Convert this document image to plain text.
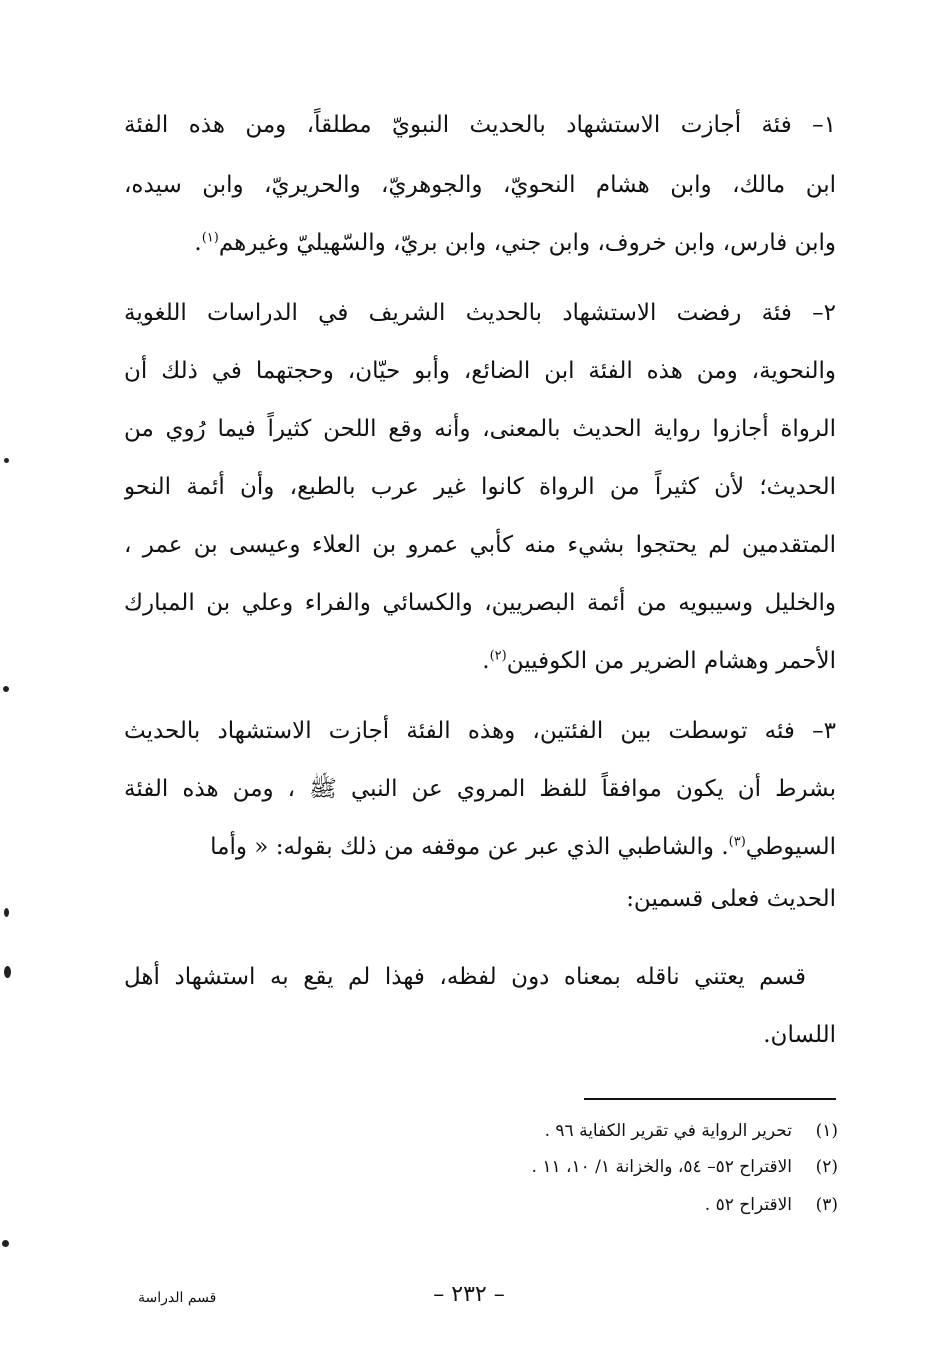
١– فئة أجازت الاستشهاد بالحديث النبويّ مطلقاً، ومن هذه الفئة
ابن مالك، وابن هشام النحويّ، والجوهريّ، والحريريّ، وابن سيده،
وابن فارس، وابن خروف، وابن جني، وابن بريّ، والسّهيليّ وغيرهم$^{(١)}$.
٢– فئة رفضت الاستشهاد بالحديث الشريف في الدراسات اللغوية
والنحوية، ومن هذه الفئة ابن الضائع، وأبو حيّان، وحجتهما في ذلك أن
الرواة أجازوا رواية الحديث بالمعنى، وأنه وقع اللحن كثيراً فيما رُوي من
الحديث؛ لأن كثيراً من الرواة كانوا غير عرب بالطبع، وأن أئمة النحو
المتقدمين لم يحتجوا بشيء منه كأبي عمرو بن العلاء وعيسى بن عمر ،
والخليل وسيبويه من أئمة البصريين، والكسائي والفراء وعلي بن المبارك
الأحمر وهشام الضرير من الكوفيين$^{(٢)}$.
٣– فئه توسطت بين الفئتين، وهذه الفئة أجازت الاستشهاد بالحديث
بشرط أن يكون موافقاً للفظ المروي عن النبي ﷺ ، ومن هذه الفئة
السيوطي$^{(٣)}$. والشاطبي الذي عبر عن موقفه من ذلك بقوله: « وأما
الحديث فعلى قسمين:
قسم يعتني ناقله بمعناه دون لفظه، فهذا لم يقع به استشهاد أهل
اللسان.
(١)تحرير الرواية في تقرير الكفاية ٩٦ .
(٢)الاقتراح ٥٢– ٥٤، والخزانة ١/ ١٠، ١١ .
(٣)الاقتراح ٥٢ .
– ٢٣٢ –
قسم الدراسة
